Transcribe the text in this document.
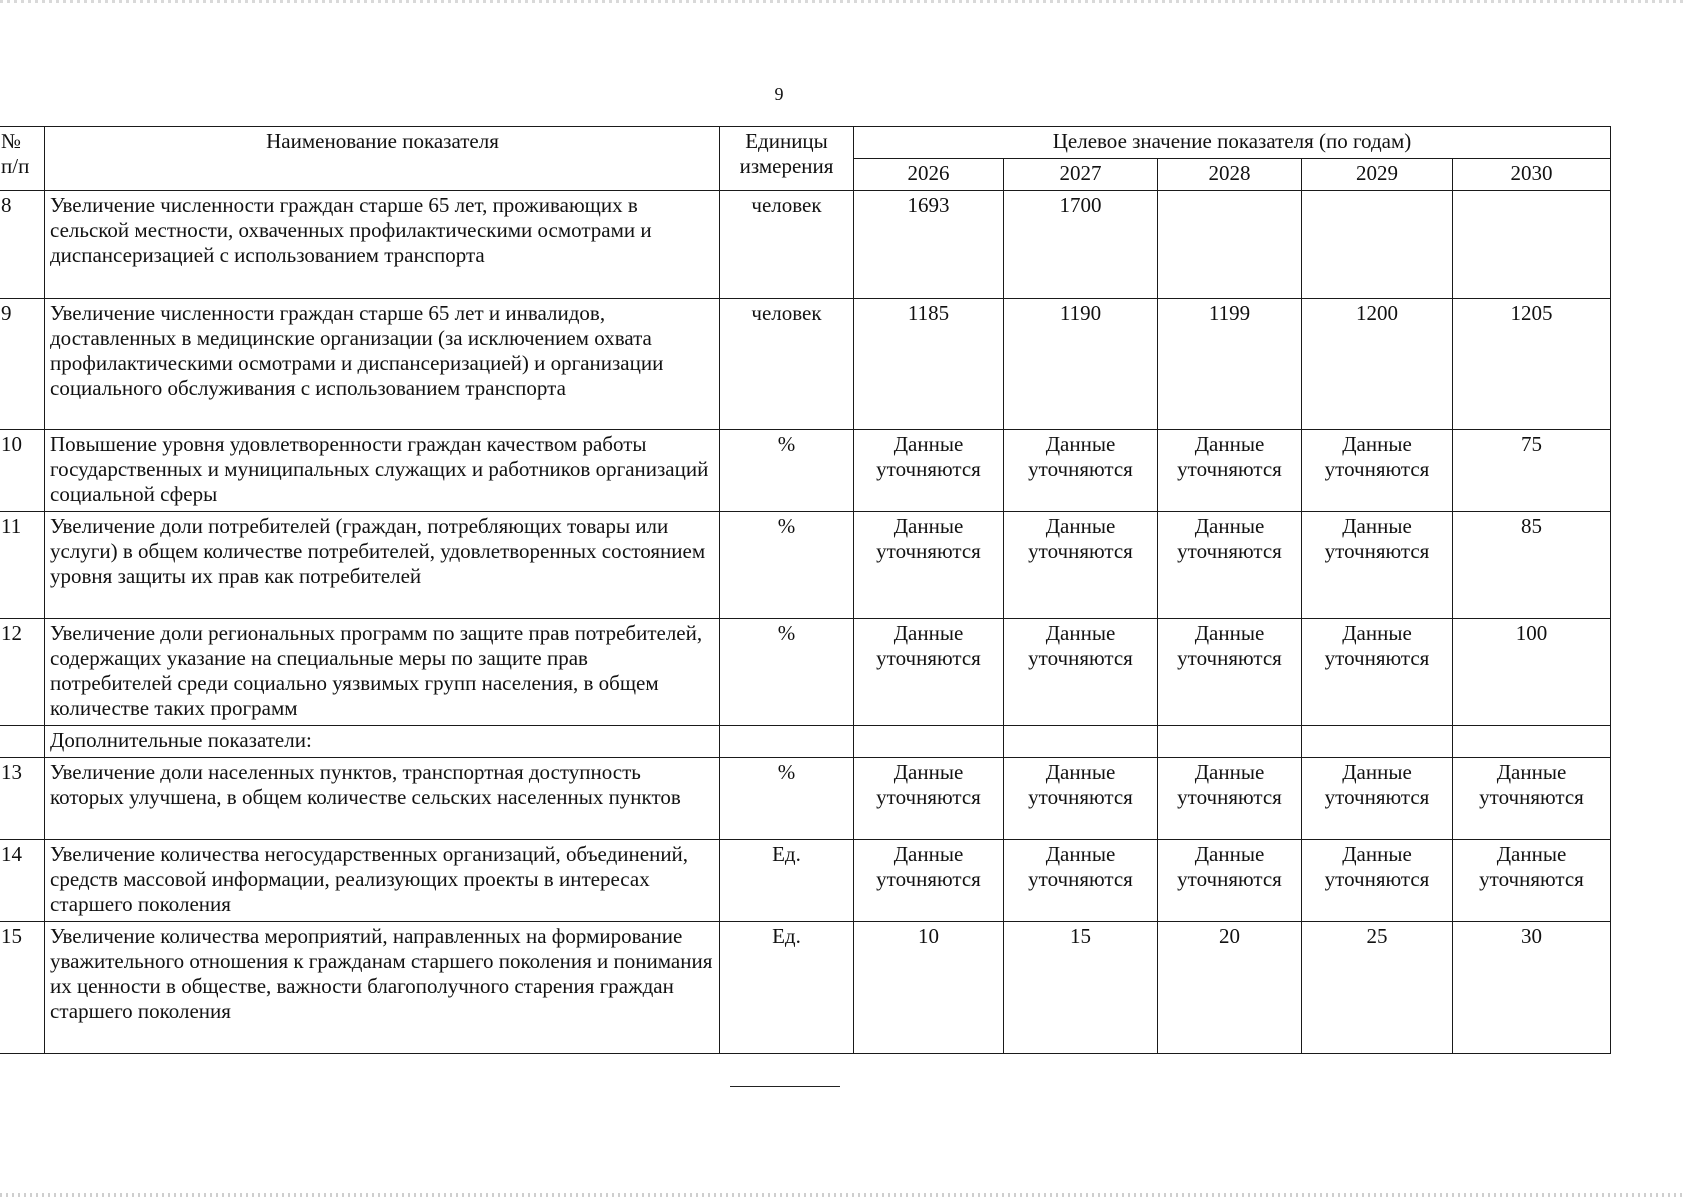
9
№ п/п	Наименование показателя	Единицы измерения	Целевое значение показателя (по годам)				
			2026	2027	2028	2029	2030
8	Увеличение численности граждан старше 65 лет, проживающих в сельской местности, охваченных профилактическими осмотрами и диспансеризацией с использованием транспорта	человек	1693	1700			
9	Увеличение численности граждан старше 65 лет и инвалидов, доставленных в медицинские организации (за исключением охвата профилактическими осмотрами и диспансеризацией) и организации социального обслуживания с использованием транспорта	человек	1185	1190	1199	1200	1205
10	Повышение уровня удовлетворенности граждан качеством работы государственных и муниципальных служащих и работников организаций социальной сферы	%	Данные уточняются	Данные уточняются	Данные уточняются	Данные уточняются	75
11	Увеличение доли потребителей (граждан, потребляющих товары или услуги) в общем количестве потребителей, удовлетворенных состоянием уровня защиты их прав как потребителей	%	Данные уточняются	Данные уточняются	Данные уточняются	Данные уточняются	85
12	Увеличение доли региональных программ по защите прав потребителей, содержащих указание на специальные меры по защите прав потребителей среди социально уязвимых групп населения, в общем количестве таких программ	%	Данные уточняются	Данные уточняются	Данные уточняются	Данные уточняются	100
	Дополнительные показатели:						
13	Увеличение доли населенных пунктов, транспортная доступность которых улучшена, в общем количестве сельских населенных пунктов	%	Данные уточняются	Данные уточняются	Данные уточняются	Данные уточняются	Данные уточняются
14	Увеличение количества негосударственных организаций, объединений, средств массовой информации, реализующих проекты в интересах старшего поколения	Ед.	Данные уточняются	Данные уточняются	Данные уточняются	Данные уточняются	Данные уточняются
15	Увеличение количества мероприятий, направленных на формирование уважительного отношения к гражданам старшего поколения и понимания их ценности в обществе, важности благополучного старения граждан старшего поколения	Ед.	10	15	20	25	30
